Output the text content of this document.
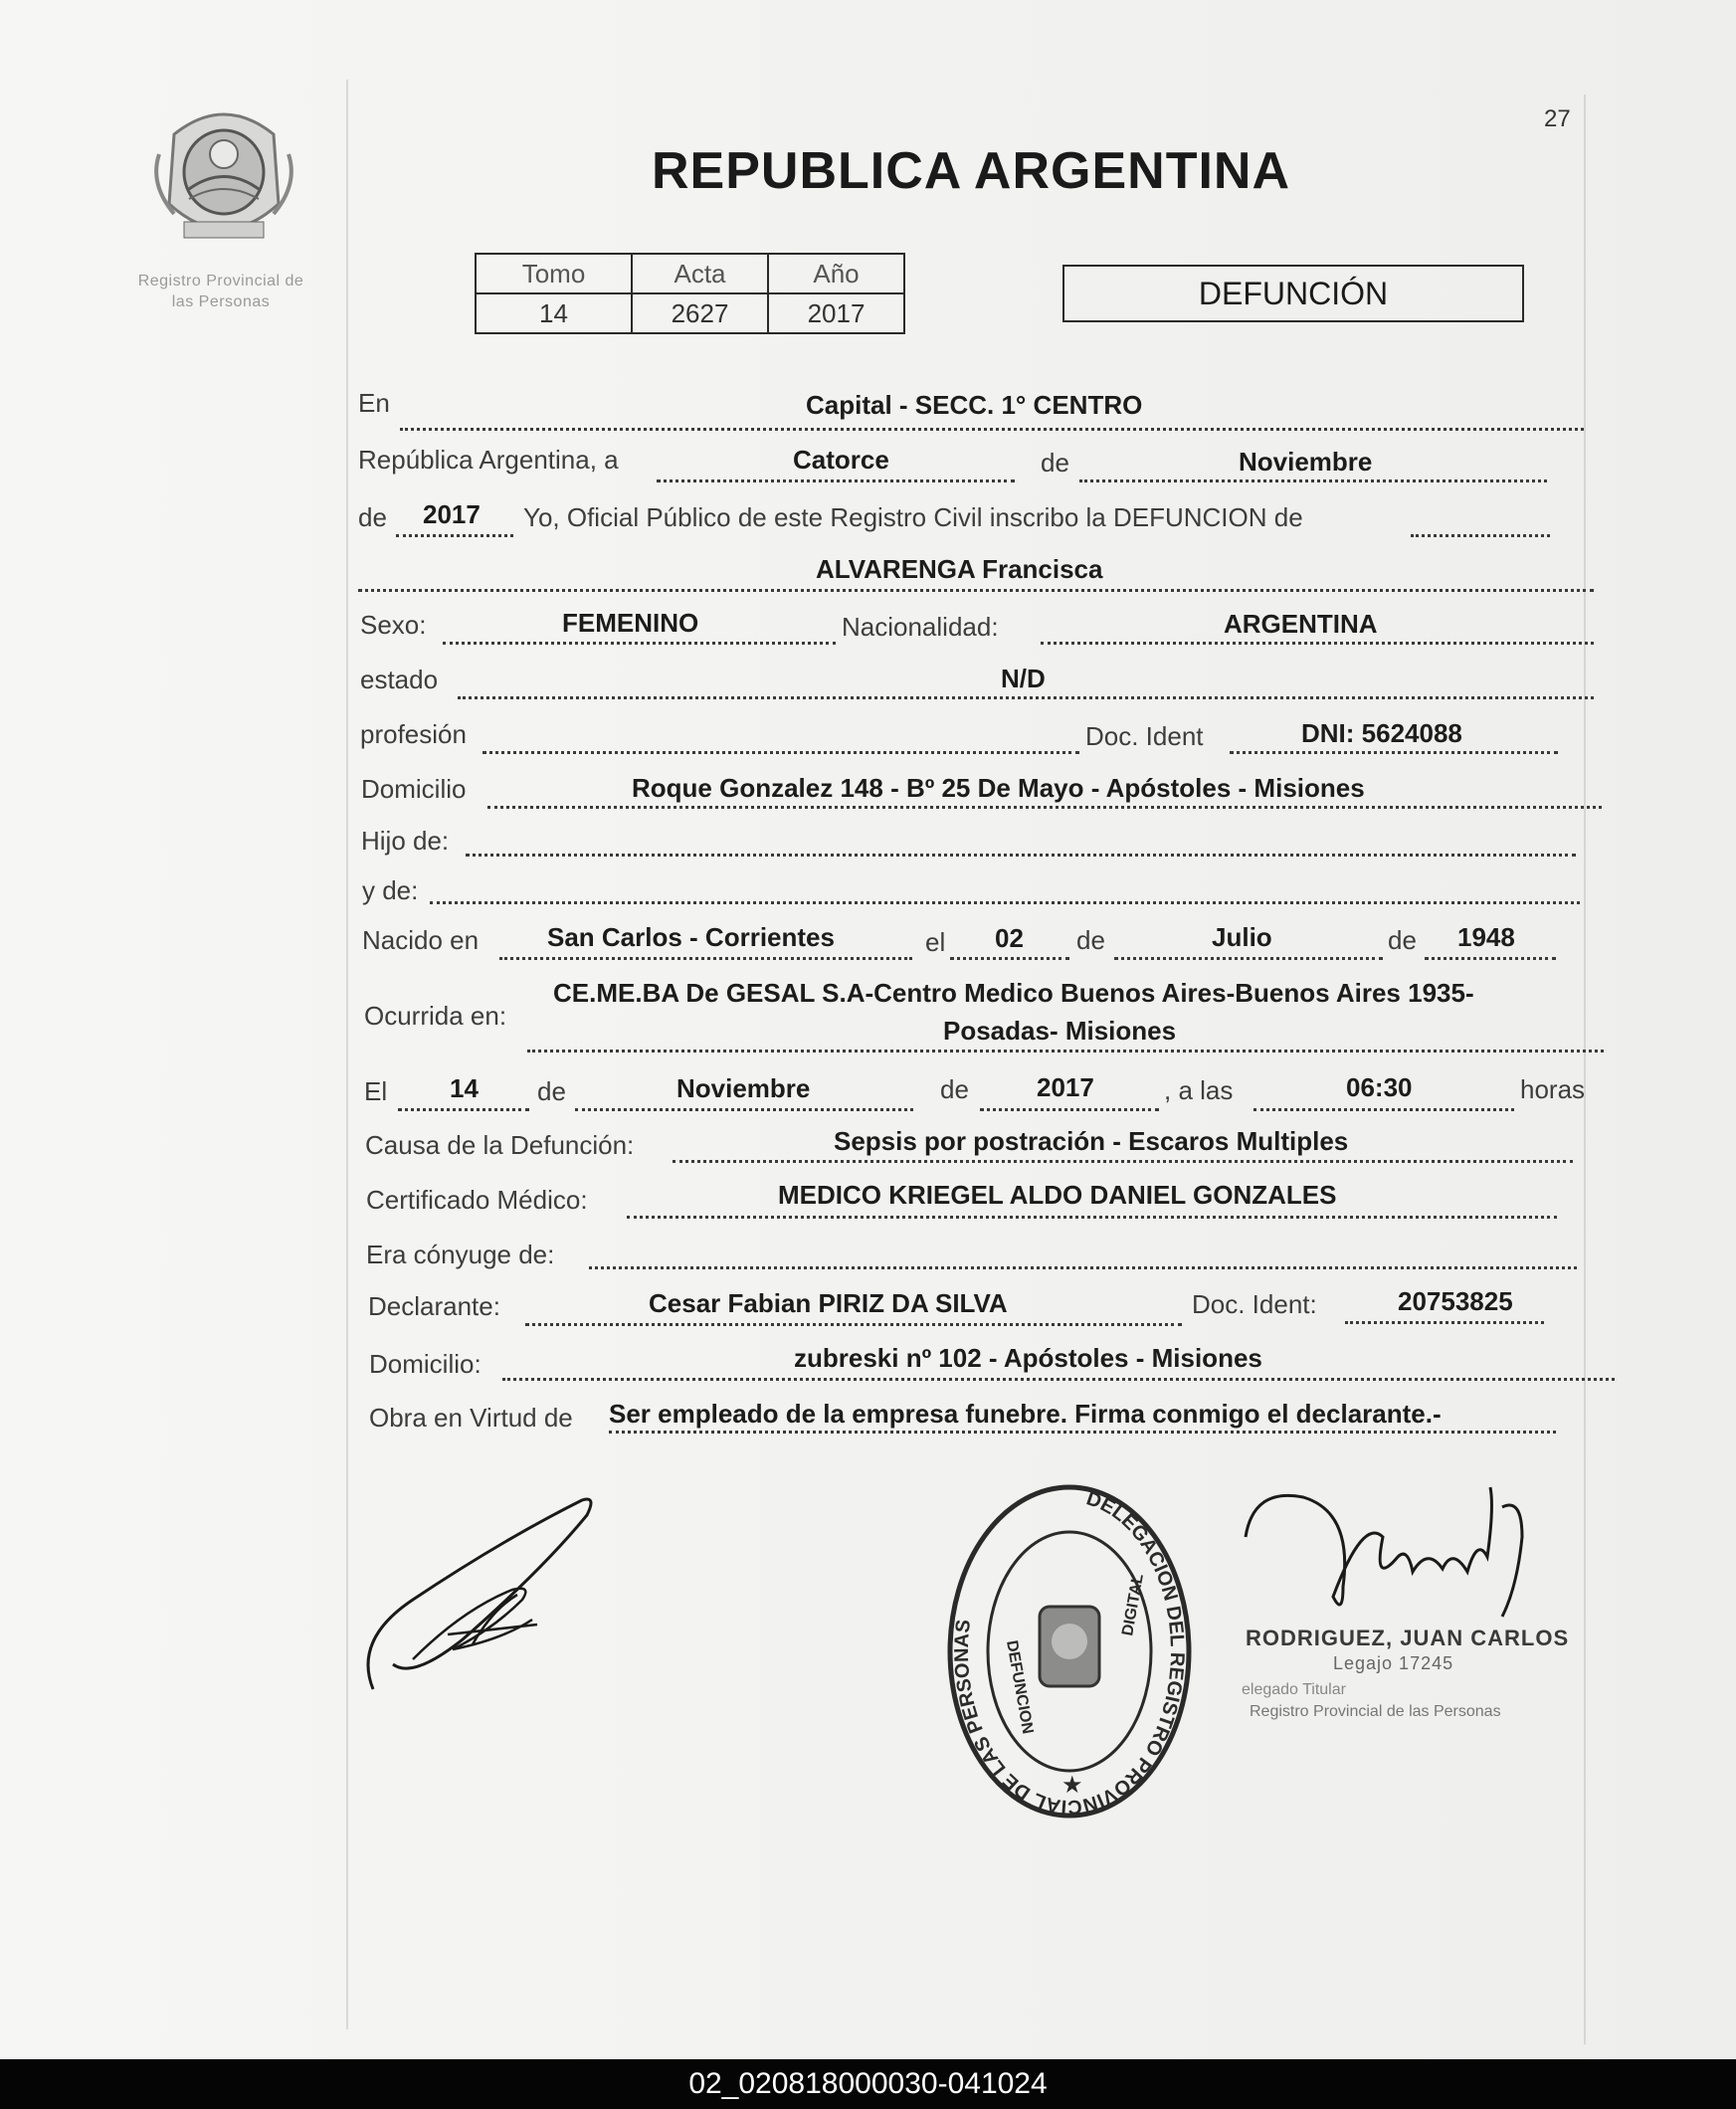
Registro Provincial de
las Personas
27
REPUBLICA ARGENTINA
Tomo	Acta	Año
14	2627	2017
DEFUNCIÓN
En	Capital - SECC. 1° CENTRO
República Argentina, a	Catorce	de	Noviembre
de 2017 Yo, Oficial Público de este Registro Civil inscribo la DEFUNCION de
ALVARENGA Francisca
Sexo:	FEMENINO	Nacionalidad:	ARGENTINA
estado	N/D
profesión	Doc. Ident	DNI: 5624088
Domicilio	Roque Gonzalez 148 - Bº 25 De Mayo - Apóstoles - Misiones
Hijo de:
y de:
Nacido en	San Carlos - Corrientes	el 02 de	Julio	de 1948
Ocurrida en:
CE.ME.BA De GESAL S.A-Centro Medico Buenos Aires-Buenos Aires 1935-
Posadas- Misiones
El 14 de	Noviembre	de	2017	, a las	06:30	horas
Causa de la Defunción:	Sepsis por postración - Escaros Multiples
Certificado Médico:	MEDICO KRIEGEL ALDO DANIEL GONZALES
Era cónyuge de:
Declarante:	Cesar Fabian PIRIZ DA SILVA	Doc. Ident:	20753825
Domicilio:	zubreski nº 102 - Apóstoles - Misiones
Obra en Virtud de Ser empleado de la empresa funebre. Firma conmigo el declarante.-
DELEGACION DEL REGISTRO PROVINCIAL DE LAS PERSONAS
DEFUNCION
DIGITAL
★
RODRIGUEZ, JUAN CARLOS
Legajo 17245
elegado Titular
Registro Provincial de las Personas
02_020818000030-041024
